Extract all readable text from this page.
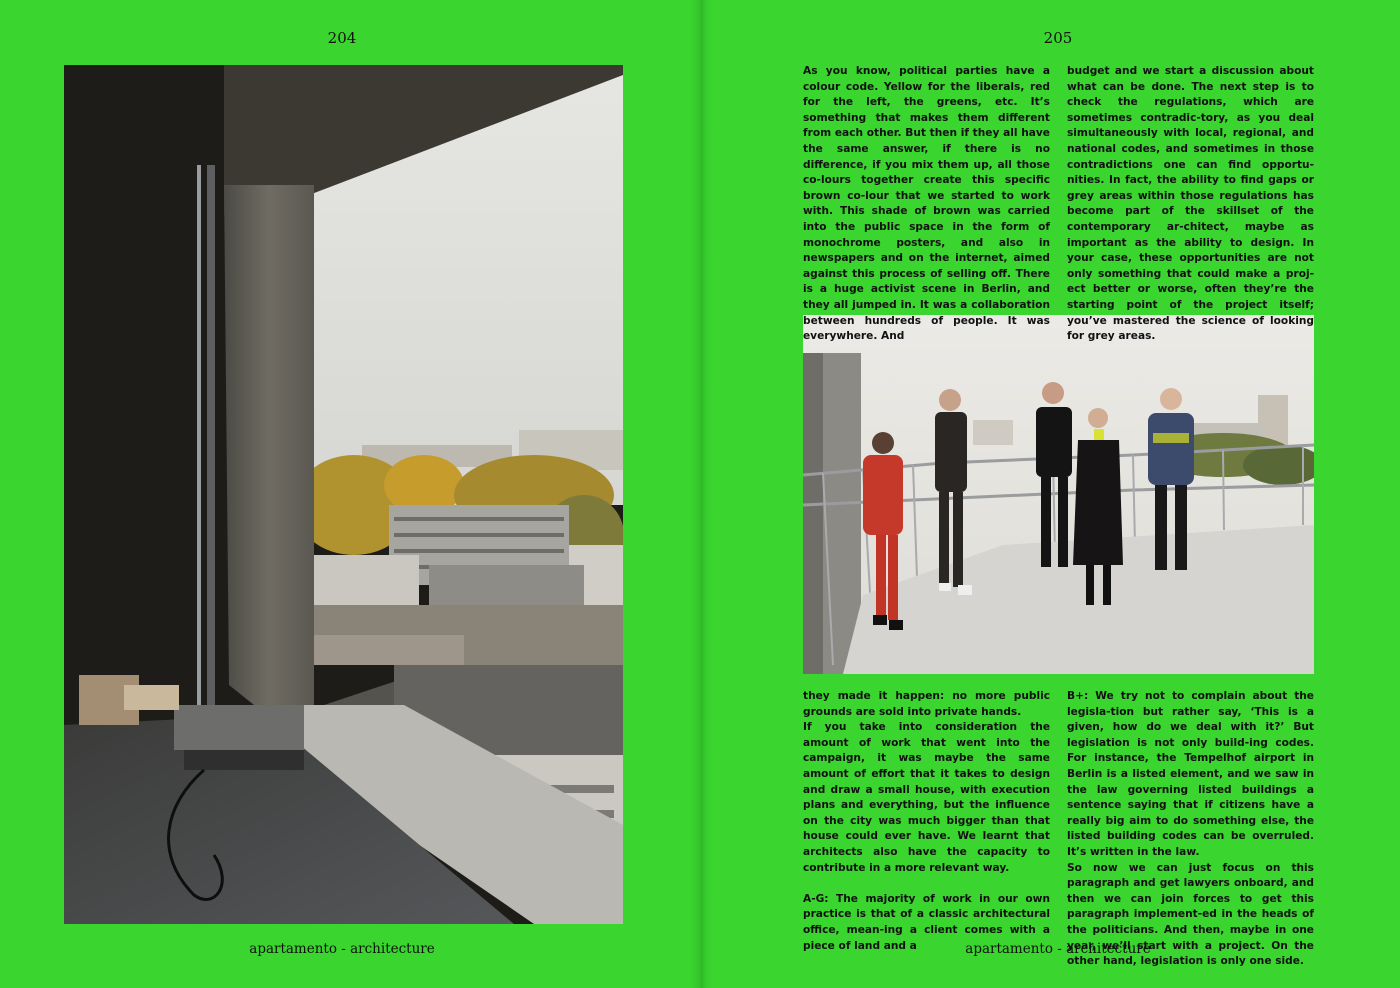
204	205

As you know, political parties have a colour code. Yellow for the liberals, red for the left, the greens, etc. It’s something that makes them different from each other. But then if they all have the same answer, if there is no difference, if you mix them up, all those co-lours together create this specific brown co-lour that we started to work with. This shade of brown was carried into the public space in the form of monochrome posters, and also in newspapers and on the internet, aimed against this process of selling off. There is a huge activist scene in Berlin, and they all jumped in. It was a collaboration between hundreds of people. It was everywhere. And

budget and we start a discussion about what can be done. The next step is to check the regulations, which are sometimes contradic-tory, as you deal simultaneously with local, regional, and national codes, and sometimes in those contradictions one can find opportu-nities. In fact, the ability to find gaps or grey areas within those regulations has become part of the skillset of the contemporary ar-chitect, maybe as important as the ability to design. In your case, these opportunities are not only something that could make a proj-ect better or worse, often they’re the starting point of the project itself; you’ve mastered the science of looking for grey areas.

they made it happen: no more public grounds are sold into private hands.

If you take into consideration the amount of work that went into the campaign, it was maybe the same amount of effort that it takes to design and draw a small house, with execution plans and everything, but the influence on the city was much bigger than that house could ever have. We learnt that architects also have the capacity to contribute in a more relevant way.

A-G: The majority of work in our own practice is that of a classic architectural office, mean-ing a client comes with a piece of land and a

B+: We try not to complain about the legisla-tion but rather say, ‘This is a given, how do we deal with it?’ But legislation is not only build-ing codes. For instance, the Tempelhof airport in Berlin is a listed element, and we saw in the law governing listed buildings a sentence saying that if citizens have a really big aim to do something else, the listed building codes can be overruled. It’s written in the law.

So now we can just focus on this paragraph and get lawyers onboard, and then we can join forces to get this paragraph implement-ed in the heads of the politicians. And then, maybe in one year, we’ll start with a project. On the other hand, legislation is only one side.

apartamento - architecture	apartamento - architecture
